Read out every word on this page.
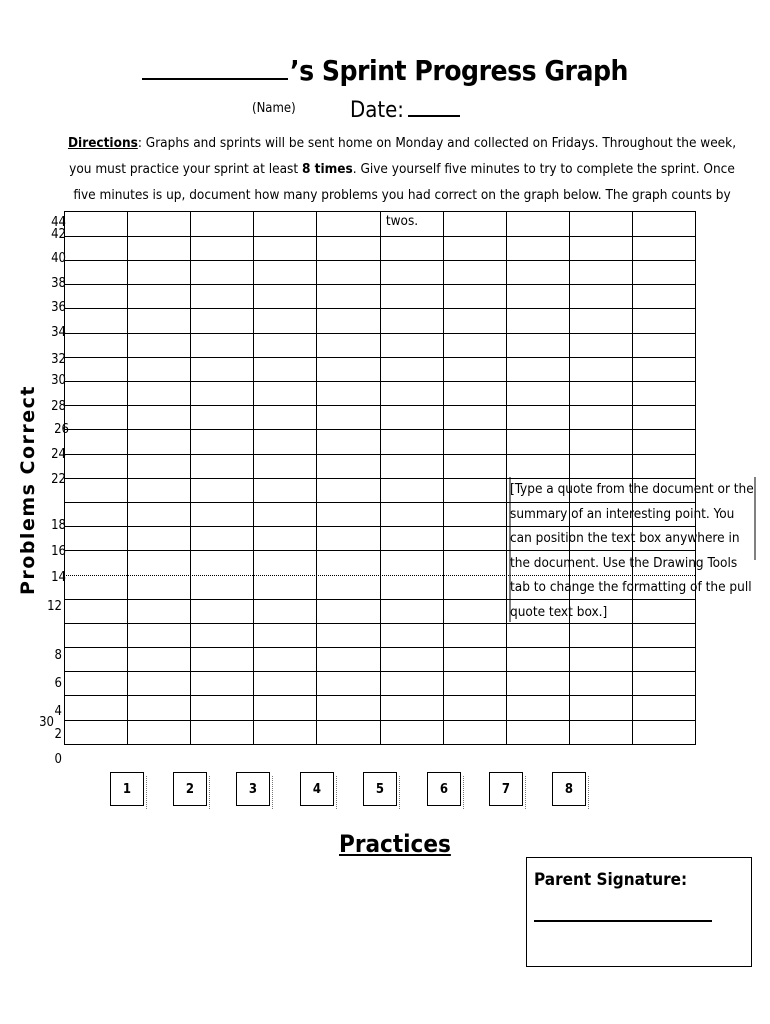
’s Sprint Progress Graph
(Name) Date:
Directions: Graphs and sprints will be sent home on Monday and collected on Fridays. Throughout the week, you must practice your sprint at least 8 times. Give yourself five minutes to try to complete the sprint. Once five minutes is up, document how many problems you had correct on the graph below. The graph counts by twos.
Problems Correct
44
42
40
38
36
34
32
30
28
26
24
22
18
16
14
12
8
6
4
30
2
0
[Type a quote from the document or the summary of an interesting point. You can position the text box anywhere in the document. Use the Drawing Tools tab to change the formatting of the pull quote text box.]
1	2	3	4	5	6	7	8
Practices
Parent Signature:
